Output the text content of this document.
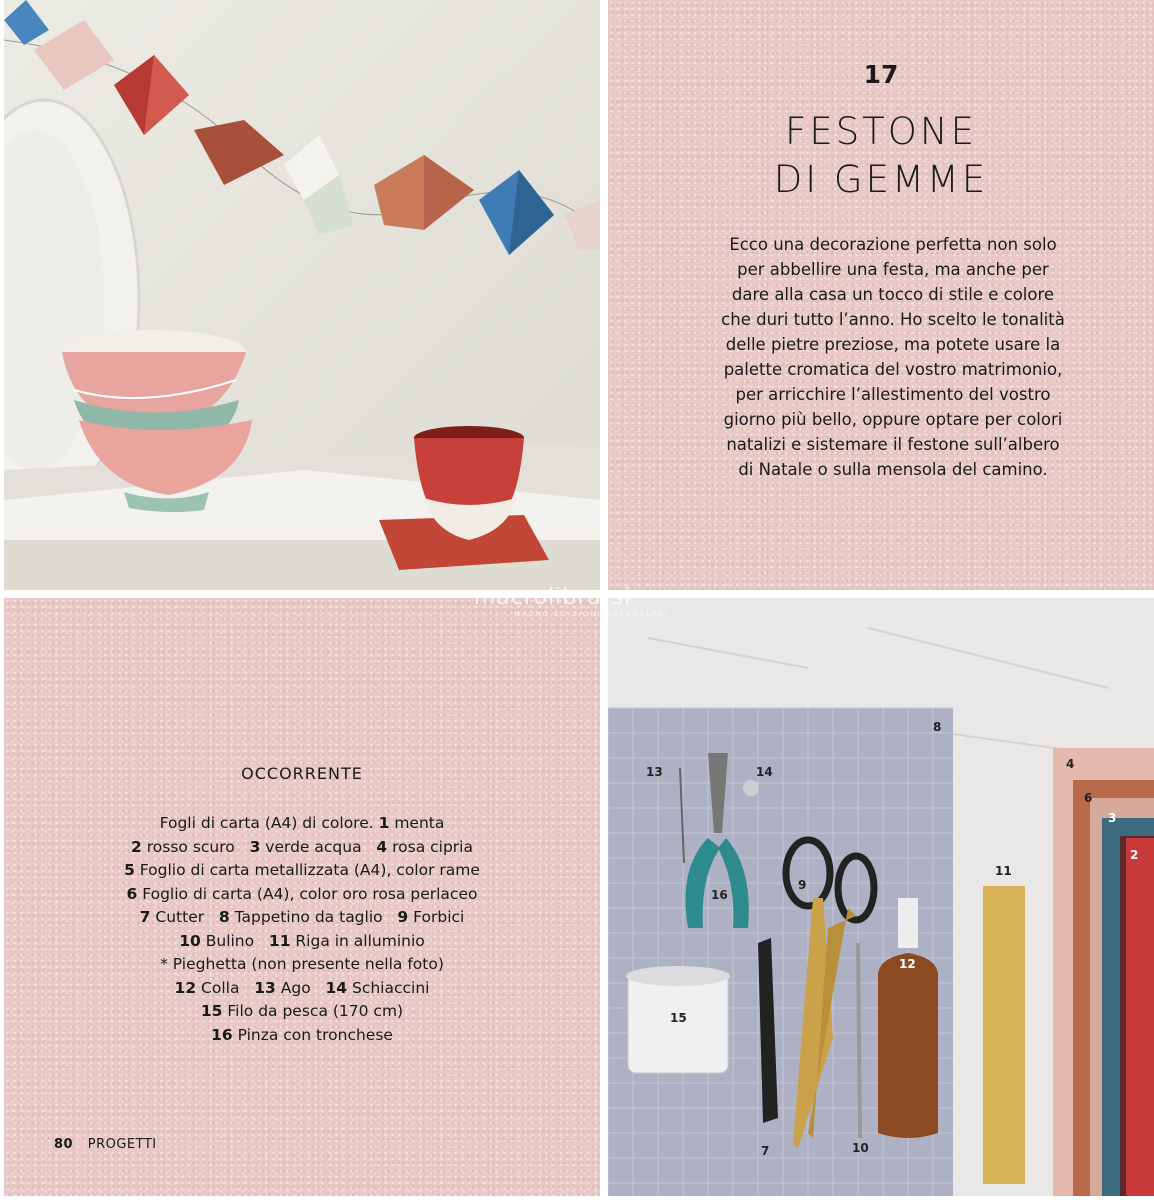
17
FESTONE
DI GEMME

Ecco una decorazione perfetta non solo
per abbellire una festa, ma anche per
dare alla casa un tocco di stile e colore
che duri tutto l’anno. Ho scelto le tonalità
delle pietre preziose, ma potete usare la
palette cromatica del vostro matrimonio,
per arricchire l’allestimento del vostro
giorno più bello, oppure optare per colori
natalizi e sistemare il festone sull’albero
di Natale o sulla mensola del camino.

OCCORRENTE
Fogli di carta (A4) di colore. 1 menta
2 rosso scuro   3 verde acqua   4 rosa cipria
5 Foglio di carta metallizzata (A4), color rame
6 Foglio di carta (A4), color oro rosa perlaceo
7 Cutter   8 Tappetino da taglio   9 Forbici
10 Bulino   11 Riga in alluminio
* Pieghetta (non presente nella foto)
12 Colla   13 Ago   14 Schiaccini
15 Filo da pesca (170 cm)
16 Pinza con tronchese
13	14
8
16
9
4
6
3
2
11
12
15
7	10
macrolibrarsi
MACRO EDIZIONI NATURALESI
80 PROGETTI
